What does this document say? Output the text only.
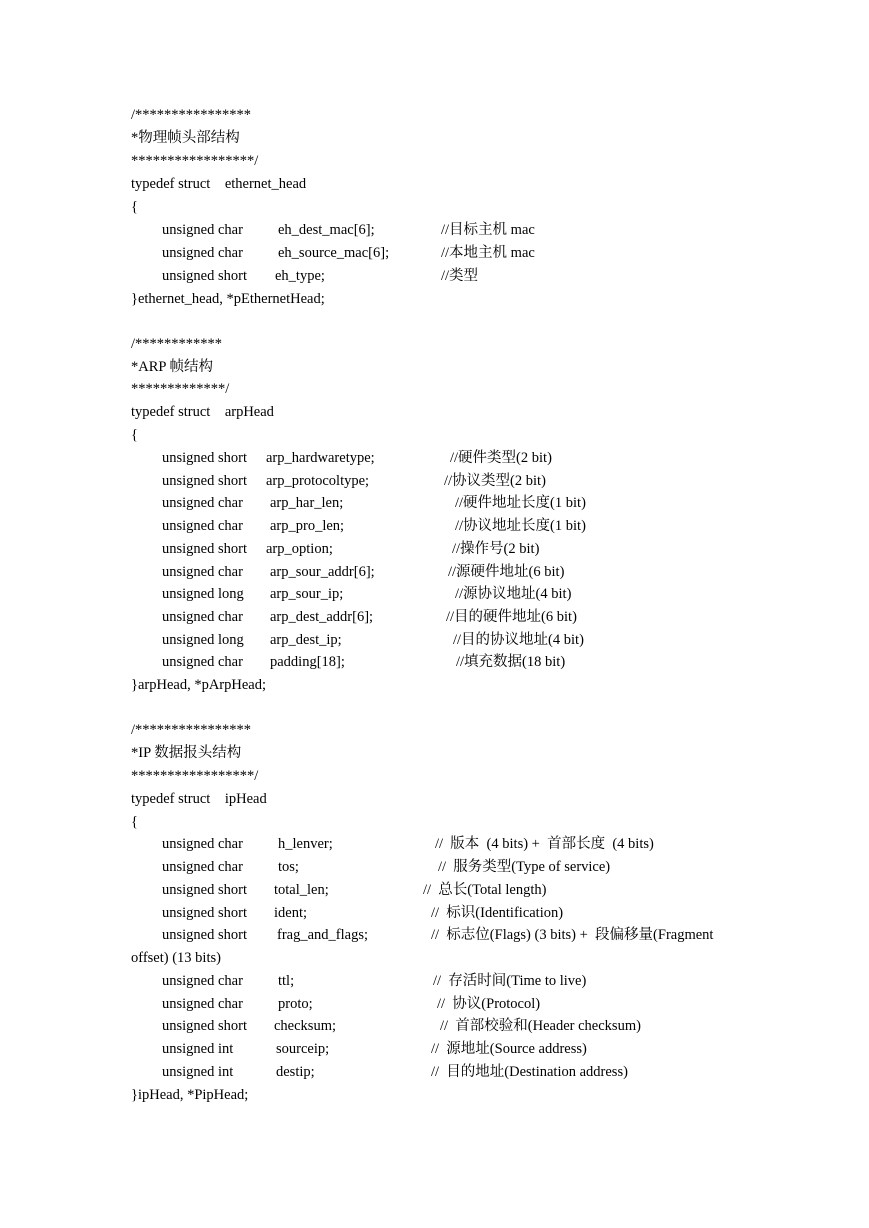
/****************
*物理帧头部结构
*****************/
typedef struct    ethernet_head
{
unsigned char eh_dest_mac[6];	//目标主机 mac
unsigned char eh_source_mac[6];	//本地主机 mac
unsigned short eh_type;	//类型
}ethernet_head, *pEthernetHead;
/************
*ARP 帧结构
*************/
typedef struct    arpHead
{
unsigned short arp_hardwaretype;	//硬件类型(2 bit)
unsigned short arp_protocoltype;	//协议类型(2 bit)
unsigned char arp_har_len;	//硬件地址长度(1 bit)
unsigned char arp_pro_len;	//协议地址长度(1 bit)
unsigned short arp_option;	//操作号(2 bit)
unsigned char arp_sour_addr[6];	//源硬件地址(6 bit)
unsigned long arp_sour_ip;	//源协议地址(4 bit)
unsigned char arp_dest_addr[6];	//目的硬件地址(6 bit)
unsigned long arp_dest_ip;	//目的协议地址(4 bit)
unsigned char padding[18];	//填充数据(18 bit)
}arpHead, *pArpHead;
/****************
*IP 数据报头结构
*****************/
typedef struct    ipHead
{
unsigned char h_lenver;	//  版本  (4 bits) +  首部长度  (4 bits)
unsigned char tos;	//  服务类型(Type of service)
unsigned short total_len;	//  总长(Total length)
unsigned short ident;	//  标识(Identification)
unsigned short frag_and_flags;	//  标志位(Flags) (3 bits) +  段偏移量(Fragment
offset) (13 bits)
unsigned char ttl;	//  存活时间(Time to live)
unsigned char proto;	//  协议(Protocol)
unsigned short checksum;	//  首部校验和(Header checksum)
unsigned int	sourceip;	//  源地址(Source address)
unsigned int	destip;	//  目的地址(Destination address)
}ipHead, *PipHead;
